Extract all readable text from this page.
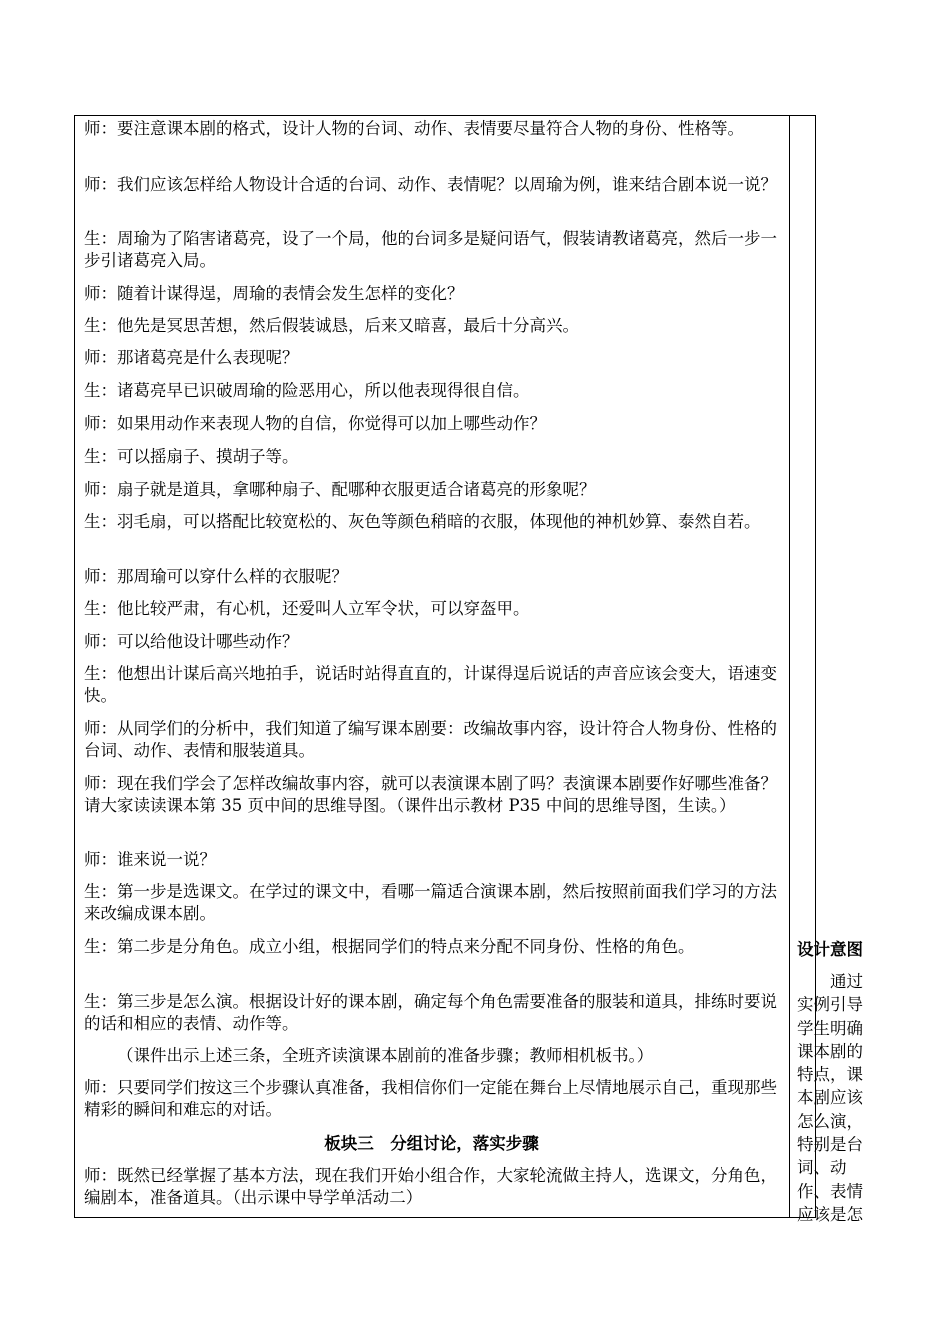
师：要注意课本剧的格式，设计人物的台词、动作、表情要尽量符合人物的身份、性格等。

师：我们应该怎样给人物设计合适的台词、动作、表情呢？以周瑜为例，谁来结合剧本说一说？

生：周瑜为了陷害诸葛亮，设了一个局，他的台词多是疑问语气，假装请教诸葛亮，然后一步一步引诸葛亮入局。

师：随着计谋得逞，周瑜的表情会发生怎样的变化？

生：他先是冥思苦想，然后假装诚恳，后来又暗喜，最后十分高兴。

师：那诸葛亮是什么表现呢？

生：诸葛亮早已识破周瑜的险恶用心，所以他表现得很自信。

师：如果用动作来表现人物的自信，你觉得可以加上哪些动作？

生：可以摇扇子、摸胡子等。

师：扇子就是道具，拿哪种扇子、配哪种衣服更适合诸葛亮的形象呢？

生：羽毛扇，可以搭配比较宽松的、灰色等颜色稍暗的衣服，体现他的神机妙算、泰然自若。

师：那周瑜可以穿什么样的衣服呢？

生：他比较严肃，有心机，还爱叫人立军令状，可以穿盔甲。

师：可以给他设计哪些动作？

生：他想出计谋后高兴地拍手，说话时站得直直的，计谋得逞后说话的声音应该会变大，语速变快。

师：从同学们的分析中，我们知道了编写课本剧要：改编故事内容，设计符合人物身份、性格的台词、动作、表情和服装道具。

师：现在我们学会了怎样改编故事内容，就可以表演课本剧了吗？表演课本剧要作好哪些准备？请大家读读课本第 35 页中间的思维导图。（课件出示教材 P35 中间的思维导图，生读。）

师：谁来说一说？

生：第一步是选课文。在学过的课文中，看哪一篇适合演课本剧，然后按照前面我们学习的方法来改编成课本剧。

生：第二步是分角色。成立小组，根据同学们的特点来分配不同身份、性格的角色。

生：第三步是怎么演。根据设计好的课本剧，确定每个角色需要准备的服装和道具，排练时要说的话和相应的表情、动作等。

（课件出示上述三条，全班齐读演课本剧前的准备步骤；教师相机板书。）

师：只要同学们按这三个步骤认真准备，我相信你们一定能在舞台上尽情地展示自己，重现那些精彩的瞬间和难忘的对话。

板块三　分组讨论，落实步骤

师：既然已经掌握了基本方法，现在我们开始小组合作，大家轮流做主持人，选课文，分角色，编剧本，准备道具。（出示课中导学单活动二）

设计意图

通过实例引导学生明确课本剧的特点，课本剧应该怎么演，特别是台词、动作、表情应该是怎
